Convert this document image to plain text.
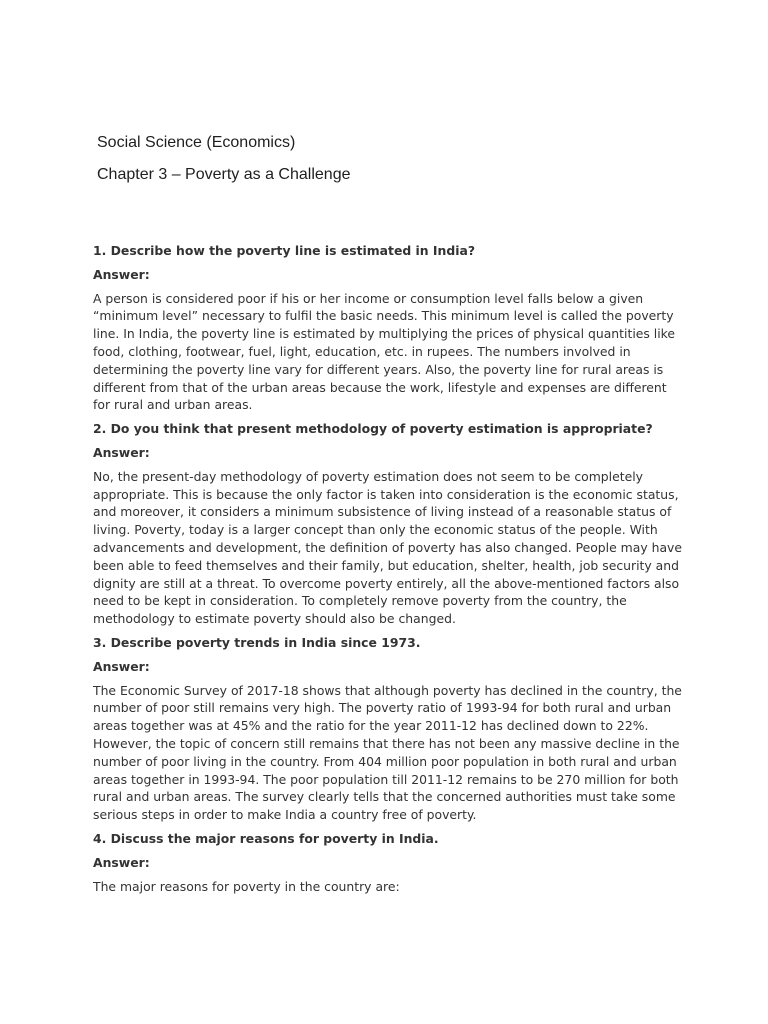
Social Science (Economics)
Chapter 3 – Poverty as a Challenge

1. Describe how the poverty line is estimated in India?

Answer:

A person is considered poor if his or her income or consumption level falls below a given “minimum level” necessary to fulfil the basic needs. This minimum level is called the poverty line. In India, the poverty line is estimated by multiplying the prices of physical quantities like food, clothing, footwear, fuel, light, education, etc. in rupees. The numbers involved in determining the poverty line vary for different years. Also, the poverty line for rural areas is different from that of the urban areas because the work, lifestyle and expenses are different for rural and urban areas.

2. Do you think that present methodology of poverty estimation is appropriate?

Answer:

No, the present-day methodology of poverty estimation does not seem to be completely appropriate. This is because the only factor is taken into consideration is the economic status, and moreover, it considers a minimum subsistence of living instead of a reasonable status of living. Poverty, today is a larger concept than only the economic status of the people. With advancements and development, the definition of poverty has also changed. People may have been able to feed themselves and their family, but education, shelter, health, job security and dignity are still at a threat. To overcome poverty entirely, all the above-mentioned factors also need to be kept in consideration. To completely remove poverty from the country, the methodology to estimate poverty should also be changed.

3. Describe poverty trends in India since 1973.

Answer:

The Economic Survey of 2017-18 shows that although poverty has declined in the country, the number of poor still remains very high. The poverty ratio of 1993-94 for both rural and urban areas together was at 45% and the ratio for the year 2011-12 has declined down to 22%. However, the topic of concern still remains that there has not been any massive decline in the number of poor living in the country. From 404 million poor population in both rural and urban areas together in 1993-94. The poor population till 2011-12 remains to be 270 million for both rural and urban areas. The survey clearly tells that the concerned authorities must take some serious steps in order to make India a country free of poverty.

4. Discuss the major reasons for poverty in India.

Answer:

The major reasons for poverty in the country are:
